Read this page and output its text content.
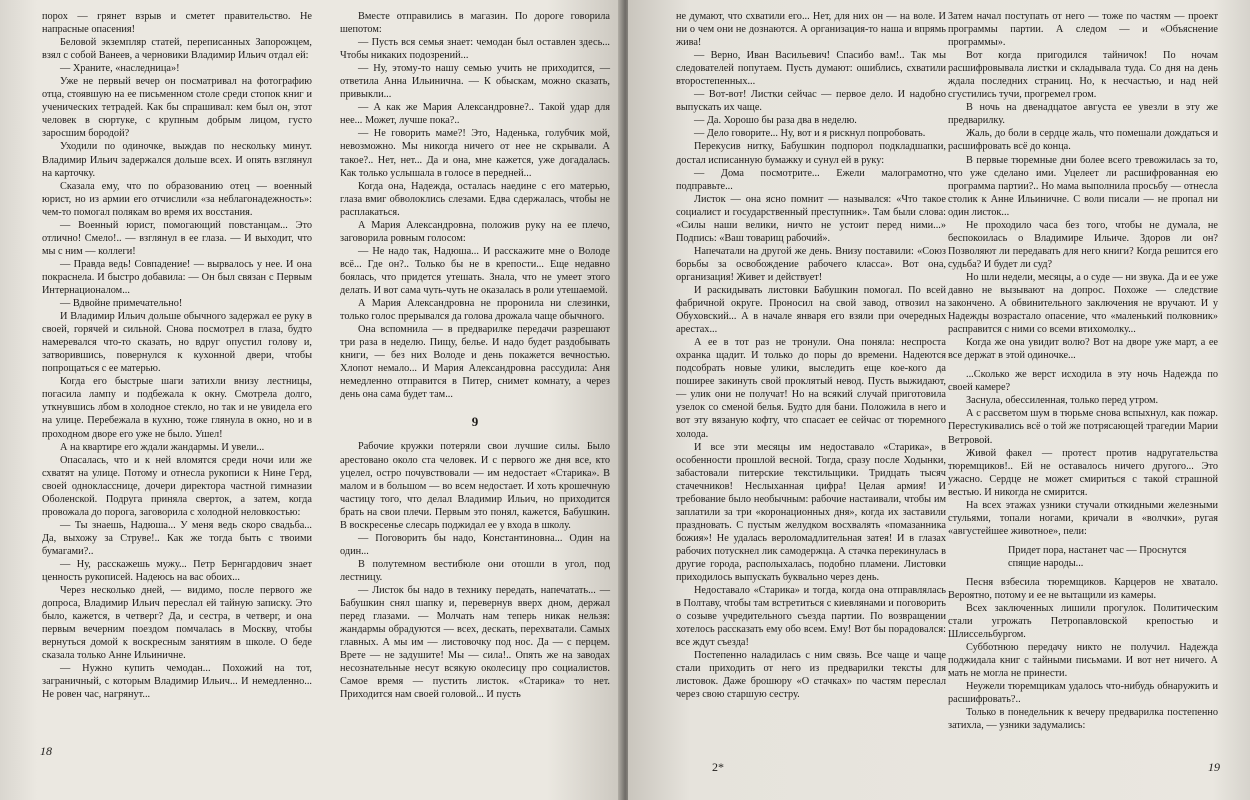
порох — грянет взрыв и сметет правительство. Не напрасные опасения!

Беловой экземпляр статей, переписанных Запорожцем, взял с собой Ванеев, а черновики Владимир Ильич отдал ей:

— Храните, «наследница»!

Уже не первый вечер он посматривал на фотографию отца, стоявшую на ее письменном столе среди стопок книг и ученических тетрадей. Как бы спрашивал: кем был он, этот человек в сюртуке, с крупным добрым лицом, густо заросшим бородой?

Уходили по одиночке, выждав по нескольку минут. Владимир Ильич задержался дольше всех. И опять взглянул на карточку.

Сказала ему, что по образованию отец — военный юрист, но из армии его отчислили «за неблагонадежность»: чем-то помогал полякам во время их восстания.

— Военный юрист, помогающий повстанцам... Это отлично! Смело!.. — взглянул в ее глаза. — И выходит, что мы с ним — коллеги!

— Правда ведь! Совпадение! — вырвалось у нее. И она покраснела. И быстро добавила: — Он был связан с Первым Интернационалом...

— Вдвойне примечательно!

И Владимир Ильич дольше обычного задержал ее руку в своей, горячей и сильной. Снова посмотрел в глаза, будто намеревался что-то сказать, но вдруг опустил голову и, затворившись, повернулся к кухонной двери, чтобы попрощаться с ее матерью.

Когда его быстрые шаги затихли внизу лестницы, погасила лампу и подбежала к окну. Смотрела долго, уткнувшись лбом в холодное стекло, но так и не увидела его на улице. Перебежала в кухню, тоже глянула в окно, но и в проходном дворе его уже не было. Ушел!

А на квартире его ждали жандармы. И увели...

Опасалась, что и к ней вломятся среди ночи или же схватят на улице. Потому и отнесла рукописи к Нине Герд, своей однокласснице, дочери директора частной гимназии Оболенской. Подруга приняла сверток, а затем, когда провожала до порога, заговорила с холодной неловкостью:

— Ты знаешь, Надюша... У меня ведь скоро свадьба... Да, выхожу за Струве!.. Как же тогда быть с твоими бумагами?..

— Ну, расскажешь мужу... Петр Бернгардович знает ценность рукописей. Надеюсь на вас обоих...

Через несколько дней, — видимо, после первого же допроса, Владимир Ильич переслал ей тайную записку. Это было, кажется, в четверг? Да, и сестра, в четверг, и она первым вечерним поездом помчалась в Москву, чтобы вернуться домой к воскресным занятиям в школе. О беде сказала только Анне Ильиничне.

— Нужно купить чемодан... Похожий на тот, заграничный, с которым Владимир Ильич... И немедленно... Не ровен час, нагрянут...

Вместе отправились в магазин. По дороге говорила шепотом:

— Пусть вся семья знает: чемодан был оставлен здесь... Чтобы никаких подозрений...

— Ну, этому-то нашу семью учить не приходится, — ответила Анна Ильинична. — К обыскам, можно сказать, привыкли...

— А как же Мария Александровне?.. Такой удар для нее... Может, лучше пока?..

— Не говорить маме?! Это, Наденька, голубчик мой, невозможно. Мы никогда ничего от нее не скрывали. А такое?.. Нет, нет... Да и она, мне кажется, уже догадалась. Как только услышала в голосе в передней...

Когда она, Надежда, осталась наедине с его матерью, глаза вмиг обволоклись слезами. Едва сдержалась, чтобы не расплакаться.

А Мария Александровна, положив руку на ее плечо, заговорила ровным голосом:

— Не надо так, Надюша... И расскажите мне о Володе всё... Где он?.. Только бы не в крепости... Еще недавно боялась, что придется утешать. Знала, что не умеет этого делать. И вот сама чуть-чуть не оказалась в роли утешаемой.

А Мария Александровна не проронила ни слезинки, только голос прерывался да голова дрожала чаще обычного.

Она вспомнила — в предварилке передачи разрешают три раза в неделю. Пищу, белье. И надо будет раздобывать книги, — без них Володе и день покажется вечностью. Хлопот немало... И Мария Александровна рассудила: Аня немедленно отправится в Питер, снимет комнату, а через день она сама будет там...

9

Рабочие кружки потеряли свои лучшие силы. Было арестовано около ста человек. И с первого же дня все, кто уцелел, остро почувствовали — им недостает «Старика». В малом и в большом — во всем недостает. И хоть крошечную частицу того, что делал Владимир Ильич, но приходится брать на свои плечи. Первым это понял, кажется, Бабушкин. В воскресенье слесарь поджидал ее у входа в школу.

— Поговорить бы надо, Константиновна... Один на один...

В полутемном вестибюле они отошли в угол, под лестницу.

— Листок бы надо в технику передать, напечатать... — Бабушкин снял шапку и, перевернув вверх дном, держал перед глазами. — Молчать нам теперь никак нельзя: жандармы обрадуются — всех, дескать, перехватали. Самых главных. А мы им — листовочку под нос. Да — с перцем. Врете — не задушите! Мы — сила!.. Опять же на заводах несознательные несут всякую околесицу про социалистов. Самое время — пустить листок. «Старика» то нет. Приходится нам своей головой... И пусть

18

не думают, что схватили его... Нет, для них он — на воле. И ни о чем они не дознаются. А организация-то наша и впрямь жива!

— Верно, Иван Васильевич! Спасибо вам!.. Так мы следователей попутаем. Пусть думают: ошиблись, схватили второстепенных...

— Вот-вот! Листки сейчас — первое дело. И надобно выпускать их чаще.

— Да. Хорошо бы раза два в неделю.

— Дело говорите... Ну, вот и я рискнул попробовать.

Перекусив нитку, Бабушкин подпорол подкладшапки, достал исписанную бумажку и сунул ей в руку:

— Дома посмотрите... Ежели малограмотно, подправьте...

Листок — она ясно помнит — назывался: «Что такое социалист и государственный преступник». Там были слова: «Силы наши велики, ничто не устоит перед ними...» Подпись: «Ваш товарищ рабочий».

Напечатали на другой же день. Внизу поставили: «Союз борьбы за освобождение рабочего класса». Вот она, организация! Живет и действует!

И раскидывать листовки Бабушкин помогал. По всей фабричной округе. Проносил на свой завод, отвозил на Обуховский... А в начале января его взяли при очередных арестах...

А ее в тот раз не тронули. Она поняла: неспроста охранка щадит. И только до поры до времени. Надеются подсобрать новые улики, выследить еще кое-кого да поширее закинуть свой проклятый невод. Пусть выжидают, — улик они не получат! Но на всякий случай приготовила узелок со сменой белья. Будто для бани. Положила в него и вот эту вязаную кофту, что спасает ее сейчас от тюремного холода.

И все эти месяцы им недоставало «Старика», в особенности прошлой весной. Тогда, сразу после Ходынки, забастовали питерские текстильщики. Тридцать тысяч стачечников! Неслыханная цифра! Целая армия! И требование было необычным: рабочие настаивали, чтобы им заплатили за три «коронационных дня», когда их заставили праздновать. С пустым желудком восхвалять «помазанника божия»! Не удалась вероломадлительная затея! И в глазах рабочих потускнел лик самодержца. А стачка перекинулась в другие города, располыхалась, подобно пламени. Листовки приходилось выпускать буквально через день.

Недоставало «Старика» и тогда, когда она отправлялась в Полтаву, чтобы там встретиться с киевлянами и поговорить о созыве учредительного съезда партии. По возвращении хотелось рассказать ему обо всем. Ему! Вот бы порадовался: все ждут съезда!

Постепенно наладилась с ним связь. Все чаще и чаще стали приходить от него из предварилки тексты для листовок. Даже брошюру «О стачках» по частям переслал через свою старшую сестру.

Затем начал поступать от него — тоже по частям — проект программы партии. А следом — и «Объяснение программы».

Вот когда пригодился тайничок! По ночам расшифровывала листки и складывала туда. Со дня на день ждала последних страниц. Но, к несчастью, и над ней сгустились тучи, прогремел гром.

В ночь на двенадцатое августа ее увезли в эту же предварилку.

Жаль, до боли в сердце жаль, что помешали дождаться и расшифровать всё до конца.

В первые тюремные дни более всего тревожилась за то, что уже сделано ими. Уцелеет ли расшифрованная ею программа партии?.. Но мама выполнила просьбу — отнесла столик к Анне Ильиничне. С воли писали — не пропал ни один листок...

Не проходило часа без того, чтобы не думала, не беспокоилась о Владимире Ильиче. Здоров ли он? Позволяют ли передавать для него книги? Когда решится его судьба? И будет ли суд?

Но шли недели, месяцы, а о суде — ни звука. Да и ее уже давно не вызывают на допрос. Похоже — следствие закончено. А обвинительного заключения не вручают. И у Надежды возрастало опасение, что «маленький полковник» расправится с ними со всеми втихомолку...

Когда же она увидит волю? Вот на дворе уже март, а ее все держат в этой одиночке...

...Сколько же верст исходила в эту ночь Надежда по своей камере?

Заснула, обессиленная, только перед утром.

А с рассветом шум в тюрьме снова вспыхнул, как пожар. Перестукивались всё о той же потрясающей трагедии Марии Ветровой.

Живой факел — протест против надругательства тюремщиков!.. Ей не оставалось ничего другого... Это ужасно. Сердце не может смириться с такой страшной вестью. И никогда не смирится.

На всех этажах узники стучали откидными железными стульями, топали ногами, кричали в «волчки», ругая «августейшее животное», пели:

Придет пора, настанет час — Проснутся спящие народы...

Песня взбесила тюремщиков. Карцеров не хватало. Вероятно, потому и ее не вытащили из камеры.

Всех заключенных лишили прогулок. Политическим стали угрожать Петропавловской крепостью и Шлиссельбургом.

Субботнюю передачу никто не получил. Надежда поджидала книг с тайными письмами. И вот нет ничего. А мать не могла не принести.

Неужели тюремщикам удалось что-нибудь обнаружить и расшифровать?..

Только в понедельник к вечеру предварилка постепенно затихла, — узники задумались:

2*	19
